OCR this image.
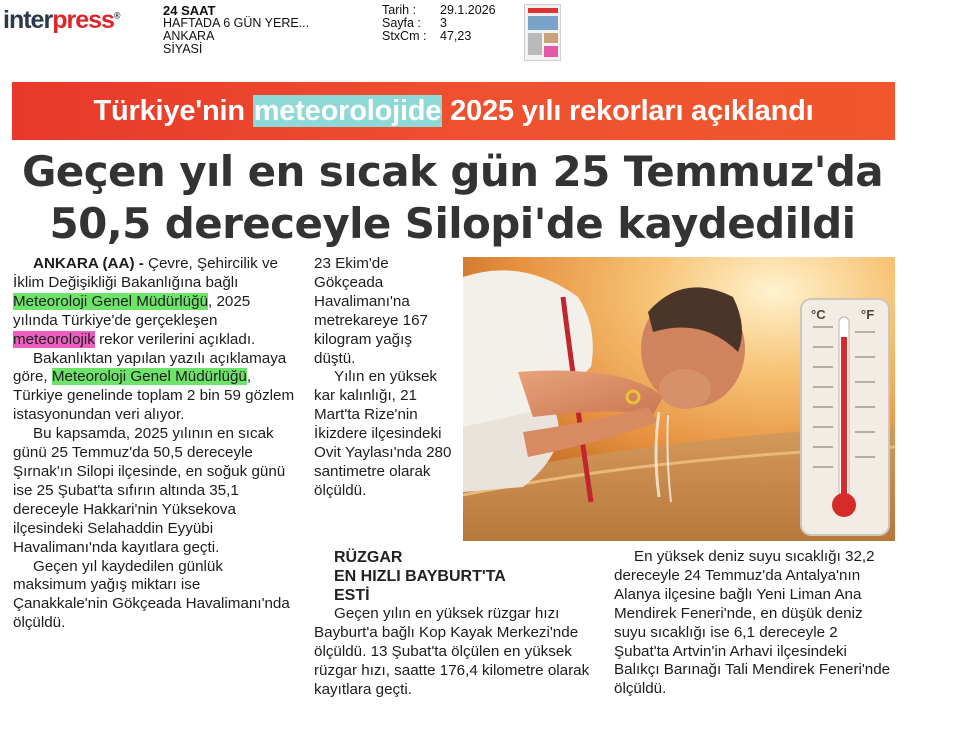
interpress®	24 SAAT
HAFTADA 6 GÜN YERE...
ANKARA
SİYASİ
Tarih :	29.1.2026
Sayfa :	3
StxCm :	47,23
Türkiye'nin meteorolojide 2025 yılı rekorları açıklandı
Geçen yıl en sıcak gün 25 Temmuz'da
50,5 dereceyle Silopi'de kaydedildi

ANKARA (AA) - Çevre, Şehircilik ve İklim Değişikliği Bakanlığına bağlı Meteoroloji Genel Müdürlüğü, 2025 yılında Türkiye'de gerçekleşen meteorolojik rekor verilerini açıkladı.

Bakanlıktan yapılan yazılı açıklamaya göre, Meteoroloji Genel Müdürlüğü, Türkiye genelinde toplam 2 bin 59 gözlem istasyonundan veri alıyor.

Bu kapsamda, 2025 yılının en sıcak günü 25 Temmuz'da 50,5 dereceyle Şırnak'ın Silopi ilçesinde, en soğuk günü ise 25 Şubat'ta sıfırın altında 35,1 dereceyle Hakkari'nin Yüksekova ilçesindeki Selahaddin Eyyübi Havalimanı'nda kayıtlara geçti.

Geçen yıl kaydedilen günlük maksimum yağış miktarı ise Çanakkale'nin Gökçeada Havalimanı'nda ölçüldü.

23 Ekim'de Gökçeada Havalimanı'na metrekareye 167 kilogram yağış düştü.

Yılın en yüksek kar kalınlığı, 21 Mart'ta Rize'nin İkizdere ilçesindeki Ovit Yaylası'nda 280 santimetre olarak ölçüldü.

°C	°F
RÜZGAR
EN HIZLI BAYBURT'TA
ESTİ

Geçen yılın en yüksek rüzgar hızı Bayburt'a bağlı Kop Kayak Merkezi'nde ölçüldü. 13 Şubat'ta ölçülen en yüksek rüzgar hızı, saatte 176,4 kilometre olarak kayıtlara geçti.

En yüksek deniz suyu sıcaklığı 32,2 dereceyle 24 Temmuz'da Antalya'nın Alanya ilçesine bağlı Yeni Liman Ana Mendirek Feneri'nde, en düşük deniz suyu sıcaklığı ise 6,1 dereceyle 2 Şubat'ta Artvin'in Arhavi ilçesindeki Balıkçı Barınağı Tali Mendirek Feneri'nde ölçüldü.
